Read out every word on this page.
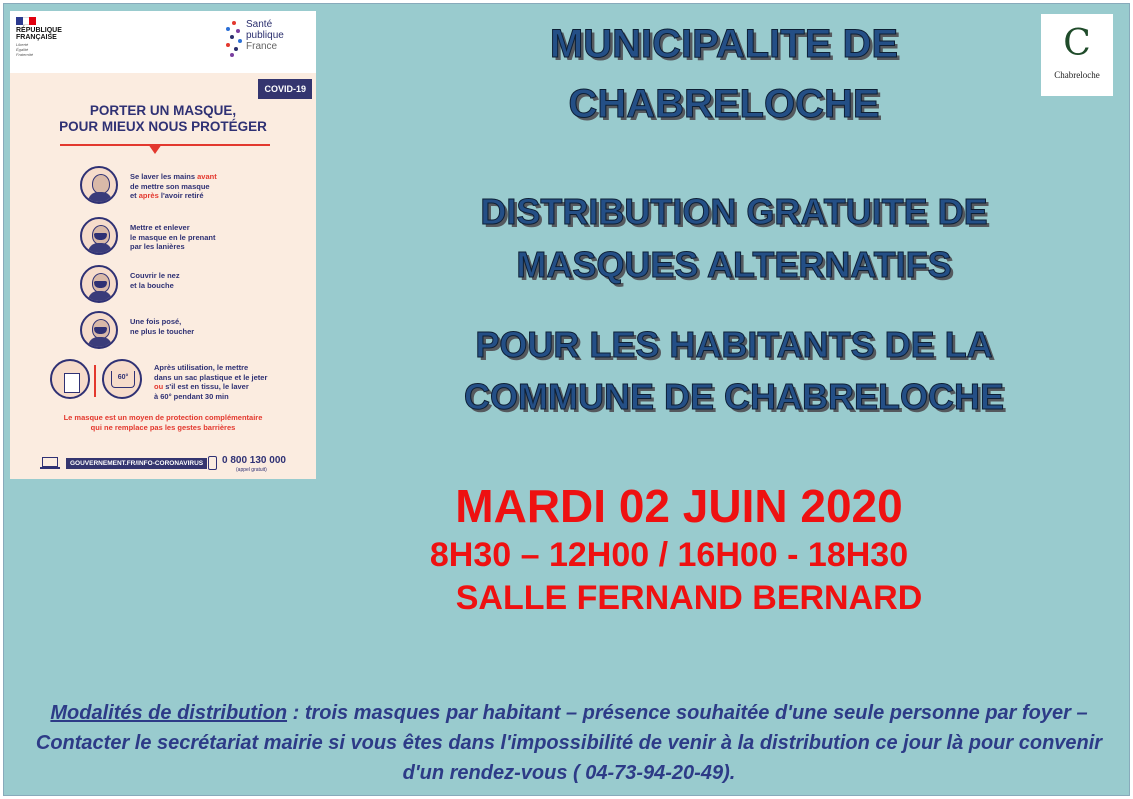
RÉPUBLIQUE
FRANÇAISE
Liberté
Égalité
Fraternité
Santé
publique
France
COVID-19
PORTER UN MASQUE,
POUR MIEUX NOUS PROTÉGER
Se laver les mains avant
de mettre son masque
et après l'avoir retiré
Mettre et enlever
le masque en le prenant
par les lanières
Couvrir le nez
et la bouche
Une fois posé,
ne plus le toucher
60°
Après utilisation, le mettre
dans un sac plastique et le jeter
ou s'il est en tissu, le laver
à 60° pendant 30 min
Le masque est un moyen de protection complémentaire
qui ne remplace pas les gestes barrières
GOUVERNEMENT.FR/INFO-CORONAVIRUS	0 800 130 000
(appel gratuit)
C
Chabreloche
MUNICIPALITE DE
CHABRELOCHE
DISTRIBUTION GRATUITE DE
MASQUES ALTERNATIFS
POUR LES HABITANTS DE LA
COMMUNE DE CHABRELOCHE
MARDI 02 JUIN 2020
8H30 – 12H00 / 16H00 - 18H30
SALLE FERNAND BERNARD
Modalités de distribution : trois masques par habitant – présence souhaitée d'une seule personne par foyer – Contacter le secrétariat mairie si vous êtes dans l'impossibilité de venir à la distribution ce jour là pour convenir d'un rendez-vous ( 04-73-94-20-49).
